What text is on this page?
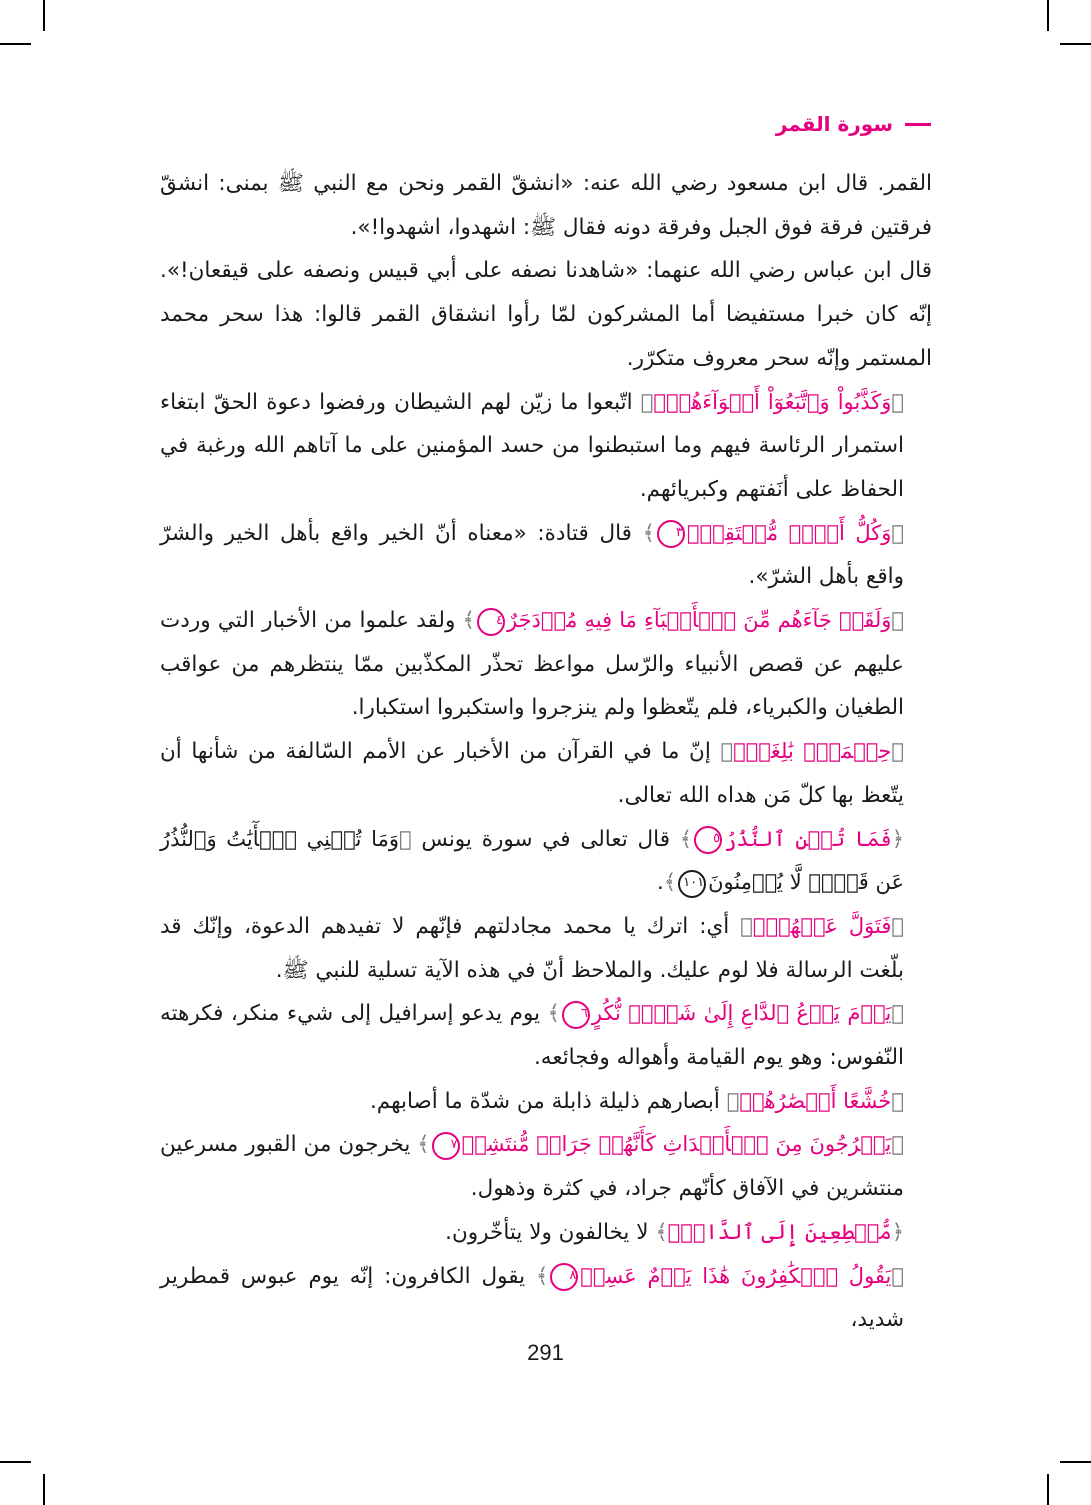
سورة القمر

القمر. قال ابن مسعود رضي الله عنه: «انشقّ القمر ونحن مع النبي ﷺ بمنى: انشقّ فرقتين فرقة فوق الجبل وفرقة دونه فقال ﷺ: اشهدوا، اشهدوا!».

قال ابن عباس رضي الله عنهما: «شاهدنا نصفه على أبي قبيس ونصفه على قيقعان!». إنّه كان خبرا مستفيضا أما المشركون لمّا رأوا انشقاق القمر قالوا: هذا سحر محمد المستمر وإنّه سحر معروف متكرّر.

﴿وَكَذَّبُواْ وَٱتَّبَعُوٓاْ أَهۡوَآءَهُمۡۚ﴾ اتّبعوا ما زيّن لهم الشيطان ورفضوا دعوة الحقّ ابتغاء استمرار الرئاسة فيهم وما استبطنوا من حسد المؤمنين على ما آتاهم الله ورغبة في الحفاظ على أنَفتهم وكبريائهم.

﴿وَكُلُّ أَمۡرٖ مُّسۡتَقِرّٞ٣﴾ قال قتادة: «معناه أنّ الخير واقع بأهل الخير والشرّ واقع بأهل الشرّ».

﴿وَلَقَدۡ جَآءَهُم مِّنَ ٱلۡأَنۢبَآءِ مَا فِيهِ مُزۡدَجَرٌ٤﴾ ولقد علموا من الأخبار التي وردت عليهم عن قصص الأنبياء والرّسل مواعظ تحذّر المكذّبين ممّا ينتظرهم من عواقب الطغيان والكبرياء، فلم يتّعظوا ولم ينزجروا واستكبروا استكبارا.

﴿حِكۡمَةُۢ بَٰلِغَةٞۖ﴾ إنّ ما في القرآن من الأخبار عن الأمم السّالفة من شأنها أن يتّعظ بها كلّ مَن هداه الله تعالى.

﴿فَمَا تُغۡنِ ٱلنُّذُرُ٥﴾ قال تعالى في سورة يونس ﴿وَمَا تُغۡنِي ٱلۡأٓيَٰتُ وَٱلنُّذُرُ عَن قَوۡمٖ لَّا يُؤۡمِنُونَ١٠١﴾.

﴿فَتَوَلَّ عَنۡهُمۡۘ﴾ أي: اترك يا محمد مجادلتهم فإنّهم لا تفيدهم الدعوة، وإنّك قد بلّغت الرسالة فلا لوم عليك. والملاحظ أنّ في هذه الآية تسلية للنبي ﷺ.

﴿يَوۡمَ يَدۡعُ ٱلدَّاعِ إِلَىٰ شَيۡءٖ نُّكُرٍ٦﴾ يوم يدعو إسرافيل إلى شيء منكر، فكرهته النّفوس: وهو يوم القيامة وأهواله وفجائعه.

﴿خُشَّعًا أَبۡصَٰرُهُمۡ﴾ أبصارهم ذليلة ذابلة من شدّة ما أصابهم.

﴿يَخۡرُجُونَ مِنَ ٱلۡأَجۡدَاثِ كَأَنَّهُمۡ جَرَادٞ مُّنتَشِرٞ٧﴾ يخرجون من القبور مسرعين منتشرين في الآفاق كأنّهم جراد، في كثرة وذهول.

﴿مُّهۡطِعِينَ إِلَى ٱلدَّاعِۖ﴾ لا يخالفون ولا يتأخّرون.

﴿يَقُولُ ٱلۡكَٰفِرُونَ هَٰذَا يَوۡمٌ عَسِرٞ٨﴾ يقول الكافرون: إنّه يوم عبوس قمطرير شديد،

291
